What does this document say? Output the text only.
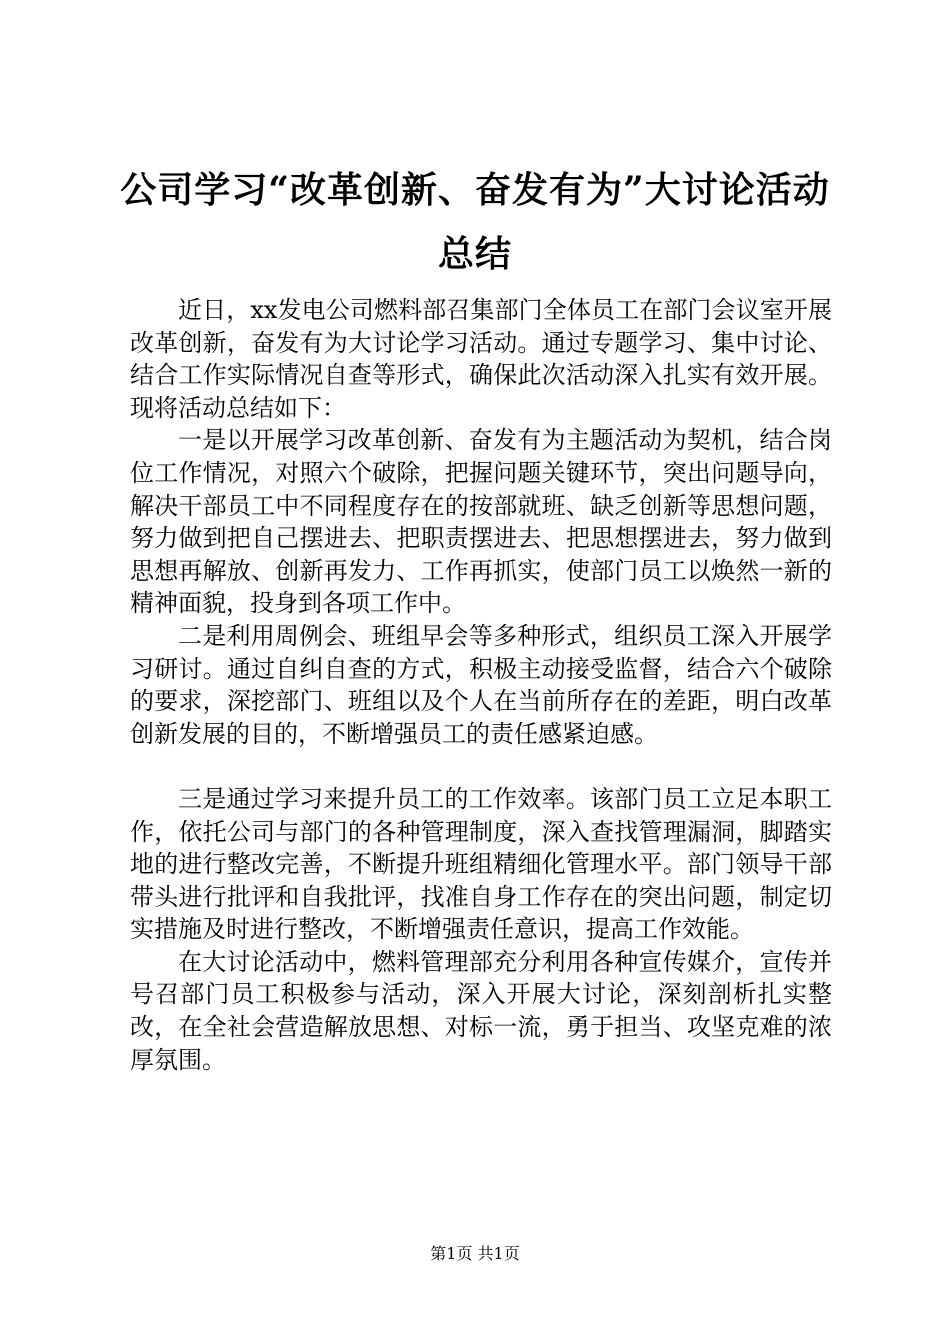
公司学习“改革创新、奋发有为”大讨论活动总结

近日，xx发电公司燃料部召集部门全体员工在部门会议室开展改革创新，奋发有为大讨论学习活动。通过专题学习、集中讨论、结合工作实际情况自查等形式，确保此次活动深入扎实有效开展。现将活动总结如下：

一是以开展学习改革创新、奋发有为主题活动为契机，结合岗位工作情况，对照六个破除，把握问题关键环节，突出问题导向，解决干部员工中不同程度存在的按部就班、缺乏创新等思想问题，努力做到把自己摆进去、把职责摆进去、把思想摆进去，努力做到思想再解放、创新再发力、工作再抓实，使部门员工以焕然一新的精神面貌，投身到各项工作中。

二是利用周例会、班组早会等多种形式，组织员工深入开展学习研讨。通过自纠自查的方式，积极主动接受监督，结合六个破除的要求，深挖部门、班组以及个人在当前所存在的差距，明白改革创新发展的目的，不断增强员工的责任感紧迫感。

三是通过学习来提升员工的工作效率。该部门员工立足本职工作，依托公司与部门的各种管理制度，深入查找管理漏洞，脚踏实地的进行整改完善，不断提升班组精细化管理水平。部门领导干部带头进行批评和自我批评，找准自身工作存在的突出问题，制定切实措施及时进行整改，不断增强责任意识，提高工作效能。

在大讨论活动中，燃料管理部充分利用各种宣传媒介，宣传并号召部门员工积极参与活动，深入开展大讨论，深刻剖析扎实整改，在全社会营造解放思想、对标一流，勇于担当、攻坚克难的浓厚氛围。

第1页 共1页
